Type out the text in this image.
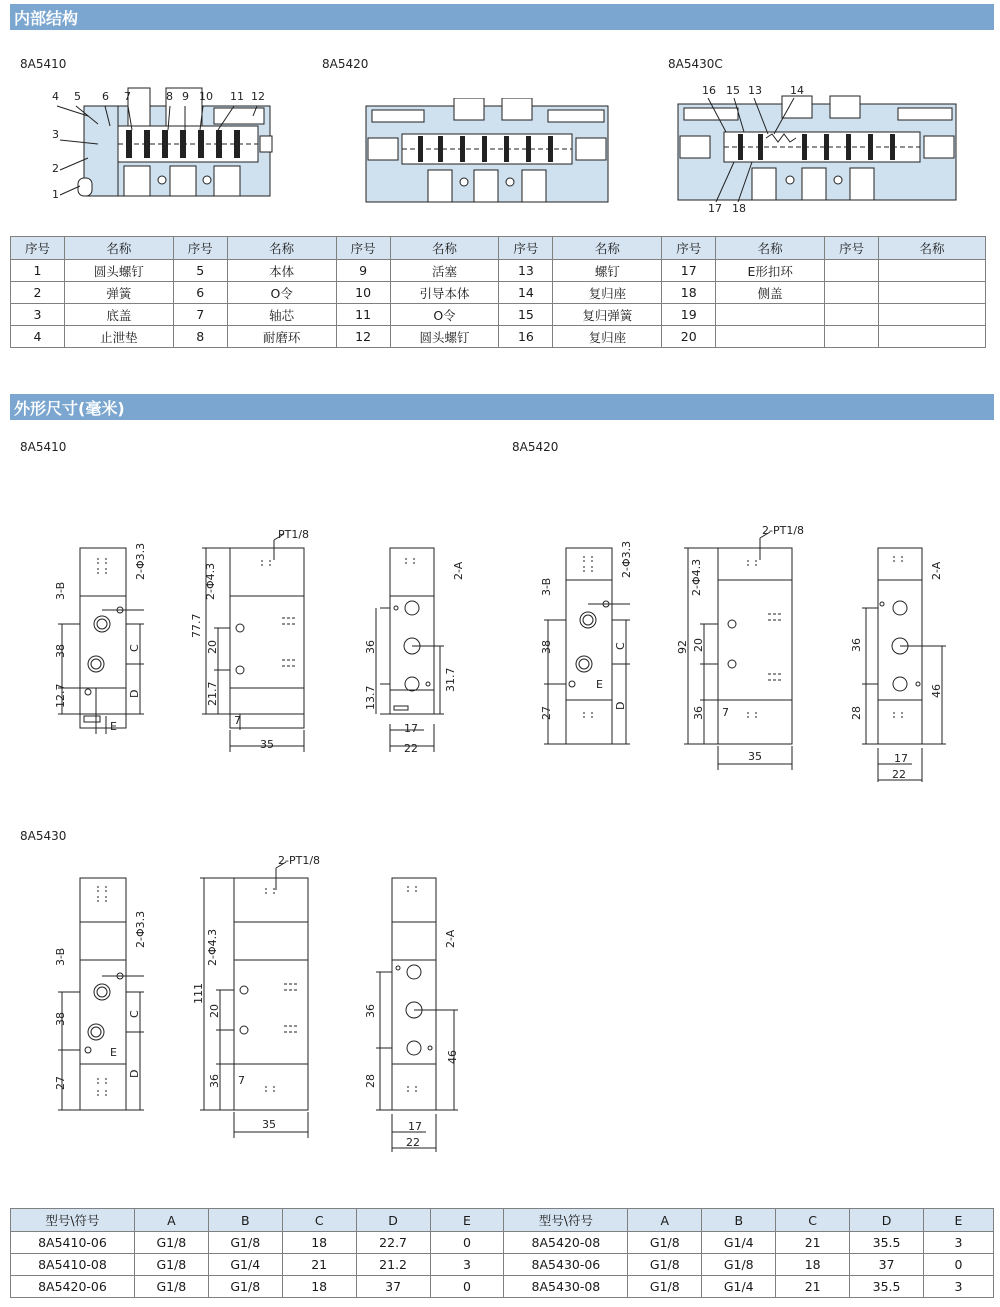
内部结构
8A5410	8A5420	8A5430C
4 5 6 7	8 9 10 11 12
3
2
1
16 15 13	14
17 18
序号	名称	序号	名称	序号	名称	序号	名称	序号	名称	序号	名称
1	圆头螺钉	5	本体	9	活塞	13	螺钉	17	E形扣环		
2	弹簧	6	O令	10	引导本体	14	复归座	18	侧盖		
3	底盖	7	轴芯	11	O令	15	复归弹簧	19			
4	止泄垫	8	耐磨环	12	圆头螺钉	16	复归座	20			
外形尺寸(毫米)
8A5410	8A5420
8A5430
3-B
2-Φ3.3
38	C
12.7	D
E
PT1/8
2-Φ4.3
77.7
20
21.7
7
35
2-A
36
13.7
31.7
17
22
3-B
2-Φ3.3
38	C
27
D
E
2-PT1/8
2-Φ4.3
92 20
36 7
35
2-A
36
28
46
17
22
3-B
2-Φ3.3
38	C
27
D
E
2-PT1/8
2-Φ4.3
111
20
36 7
35
2-A
36
28
46
17
22
型号\符号	A	B	C	D	E	型号\符号	A	B	C	D	E
8A5410-06	G1/8	G1/8	18	22.7	0	8A5420-08	G1/8	G1/4	21	35.5	3
8A5410-08	G1/8	G1/4	21	21.2	3	8A5430-06	G1/8	G1/8	18	37	0
8A5420-06	G1/8	G1/8	18	37	0	8A5430-08	G1/8	G1/4	21	35.5	3
